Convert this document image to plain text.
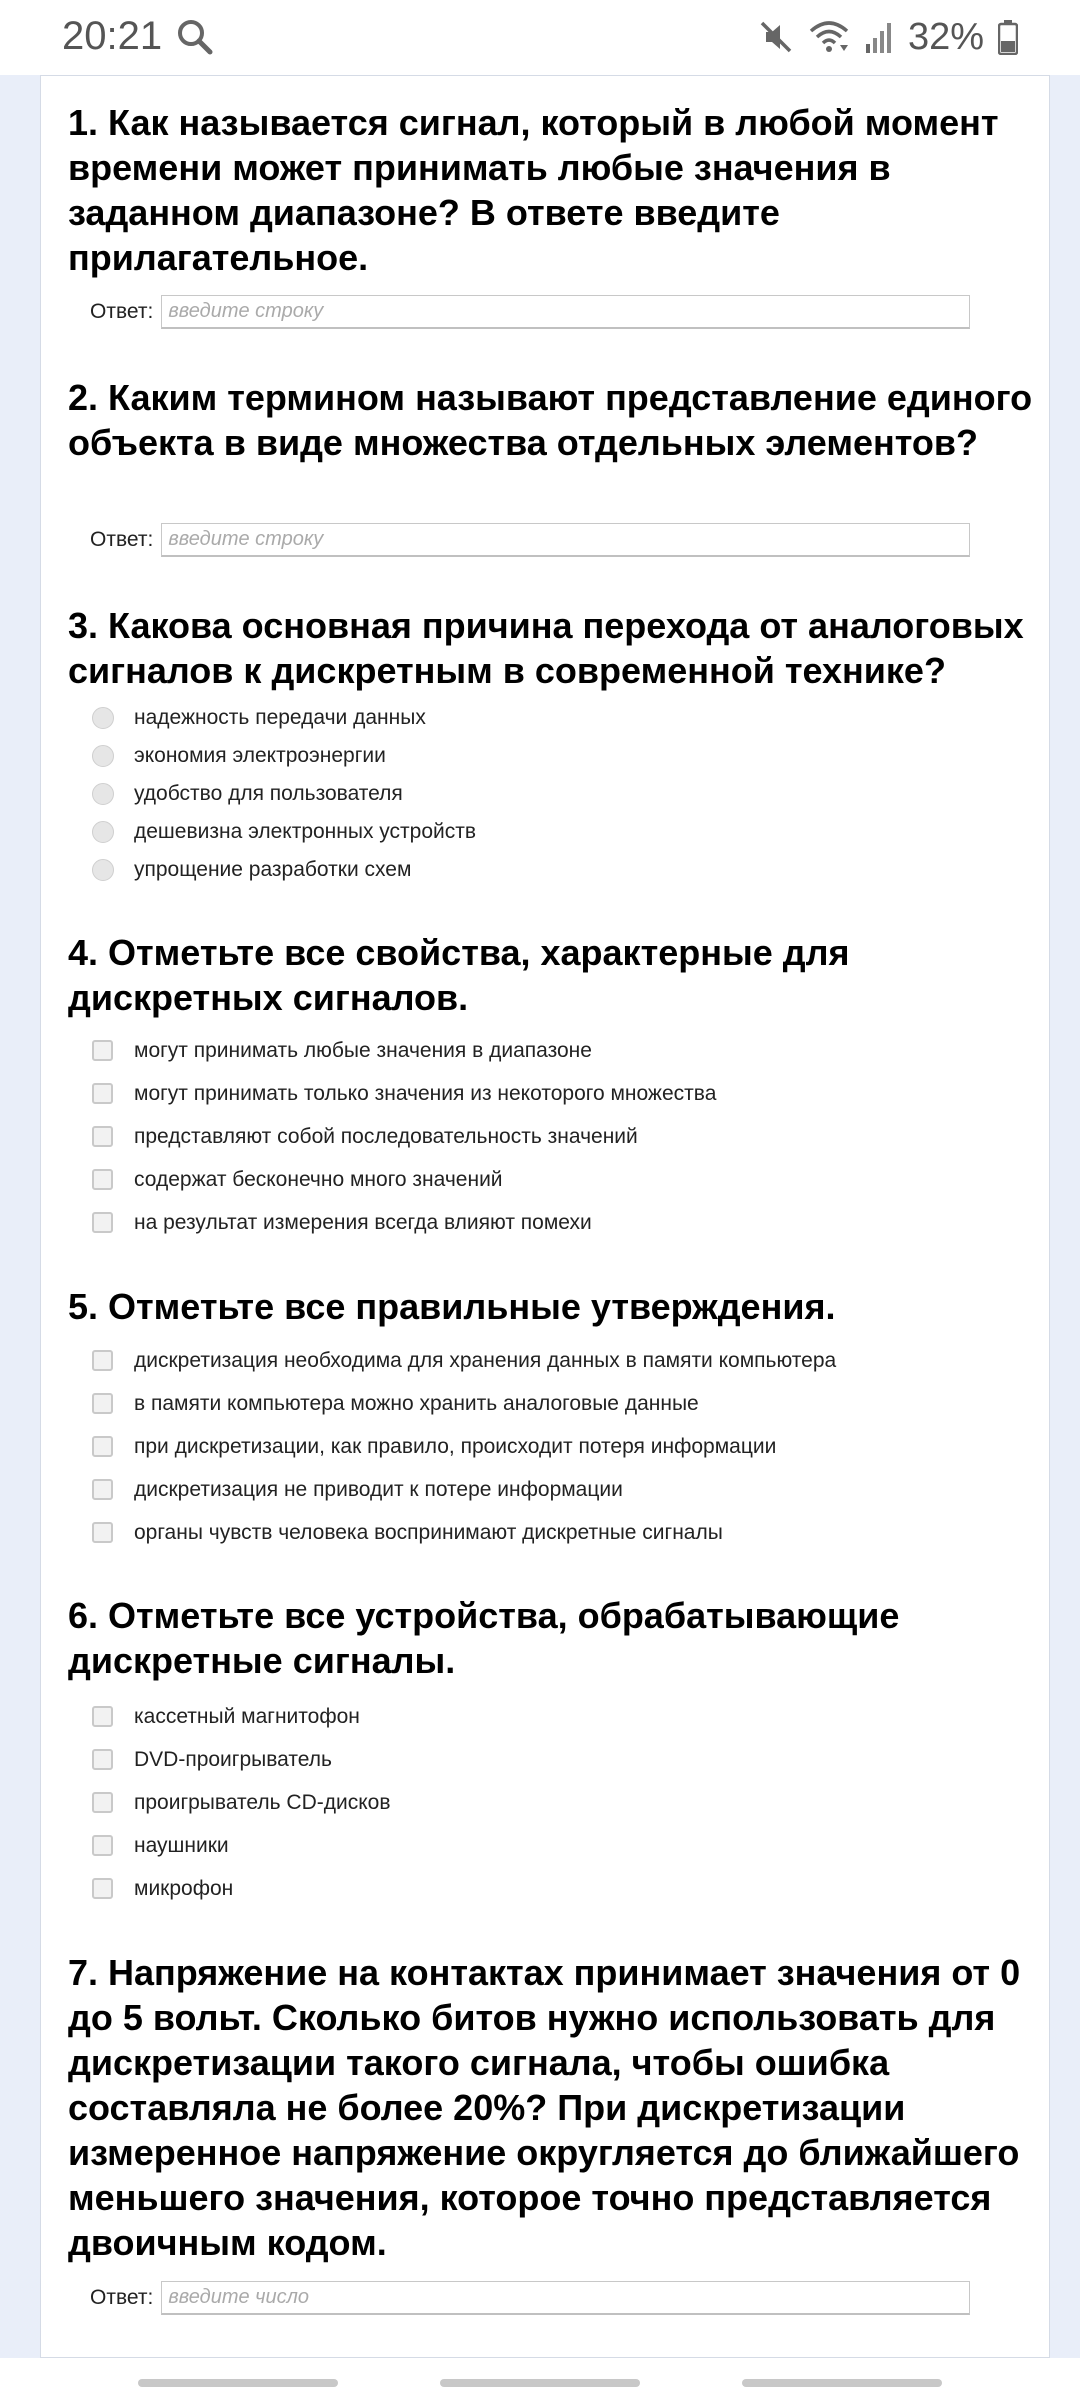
20:21	32%

1. Как называется сигнал, который в любой момент времени может принимать любые значения в заданном диапазоне? В ответе введите прилагательное.

Ответ:
введите строку

2. Каким термином называют представление единого объекта в виде множества отдельных элементов?

Ответ:
введите строку

3. Какова основная причина перехода от аналоговых сигналов к дискретным в современной технике?

надежность передачи данных
экономия электроэнергии
удобство для пользователя
дешевизна электронных устройств
упрощение разработки схем

4. Отметьте все свойства, характерные для дискретных сигналов.

могут принимать любые значения в диапазоне
могут принимать только значения из некоторого множества
представляют собой последовательность значений
содержат бесконечно много значений
на результат измерения всегда влияют помехи

5. Отметьте все правильные утверждения.

дискретизация необходима для хранения данных в памяти компьютера
в памяти компьютера можно хранить аналоговые данные
при дискретизации, как правило, происходит потеря информации
дискретизация не приводит к потере информации
органы чувств человека воспринимают дискретные сигналы

6. Отметьте все устройства, обрабатывающие дискретные сигналы.

кассетный магнитофон
DVD-проигрыватель
проигрыватель CD-дисков
наушники
микрофон

7. Напряжение на контактах принимает значения от 0 до 5 вольт. Сколько битов нужно использовать для дискретизации такого сигнала, чтобы ошибка составляла не более 20%? При дискретизации измеренное напряжение округляется до ближайшего меньшего значения, которое точно представляется двоичным кодом.

Ответ:
введите число
